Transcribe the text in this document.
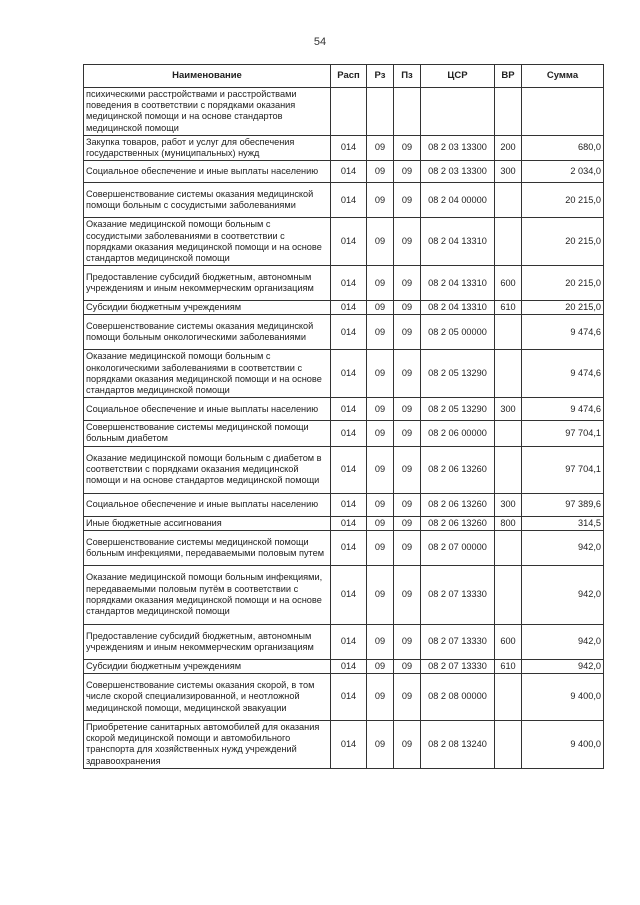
54
Наименование	Расп	Рз	Пз	ЦСР	ВР	Сумма
психическими расстройствами и расстройствами поведения в соответствии с порядками оказания медицинской помощи и на основе стандартов медицинской помощи						
Закупка товаров, работ и услуг для обеспечения государственных (муниципальных) нужд	014	09	09	08 2 03 13300	200	680,0
Социальное обеспечение и иные выплаты населению	014	09	09	08 2 03 13300	300	2 034,0
Совершенствование системы оказания медицинской помощи больным с сосудистыми заболеваниями	014	09	09	08 2 04 00000		20 215,0
Оказание медицинской помощи больным с сосудистыми заболеваниями в соответствии с порядками оказания медицинской помощи и на основе стандартов медицинской помощи	014	09	09	08 2 04 13310		20 215,0
Предоставление субсидий бюджетным, автономным учреждениям и иным некоммерческим организациям	014	09	09	08 2 04 13310	600	20 215,0
Субсидии бюджетным учреждениям	014	09	09	08 2 04 13310	610	20 215,0
Совершенствование системы оказания медицинской помощи больным онкологическими заболеваниями	014	09	09	08 2 05 00000		9 474,6
Оказание медицинской помощи больным с онкологическими заболеваниями в соответствии с порядками оказания медицинской помощи и на основе стандартов медицинской помощи	014	09	09	08 2 05 13290		9 474,6
Социальное обеспечение и иные выплаты населению	014	09	09	08 2 05 13290	300	9 474,6
Совершенствование системы медицинской помощи больным диабетом	014	09	09	08 2 06 00000		97 704,1
Оказание медицинской помощи больным с диабетом в соответствии с порядками оказания медицинской помощи и на основе стандартов медицинской помощи	014	09	09	08 2 06 13260		97 704,1
Социальное обеспечение и иные выплаты населению	014	09	09	08 2 06 13260	300	97 389,6
Иные бюджетные ассигнования	014	09	09	08 2 06 13260	800	314,5
Совершенствование системы медицинской помощи больным инфекциями, передаваемыми половым путем	014	09	09	08 2 07 00000		942,0
Оказание медицинской помощи больным инфекциями, передаваемыми половым путём в соответствии с порядками оказания медицинской помощи и на основе стандартов медицинской помощи	014	09	09	08 2 07 13330		942,0
Предоставление субсидий бюджетным, автономным учреждениям и иным некоммерческим организациям	014	09	09	08 2 07 13330	600	942,0
Субсидии бюджетным учреждениям	014	09	09	08 2 07 13330	610	942,0
Совершенствование системы оказания скорой, в том числе скорой специализированной, и неотложной медицинской помощи, медицинской эвакуации	014	09	09	08 2 08 00000		9 400,0
Приобретение санитарных автомобилей для оказания скорой медицинской помощи и автомобильного транспорта для хозяйственных нужд учреждений здравоохранения	014	09	09	08 2 08 13240		9 400,0
